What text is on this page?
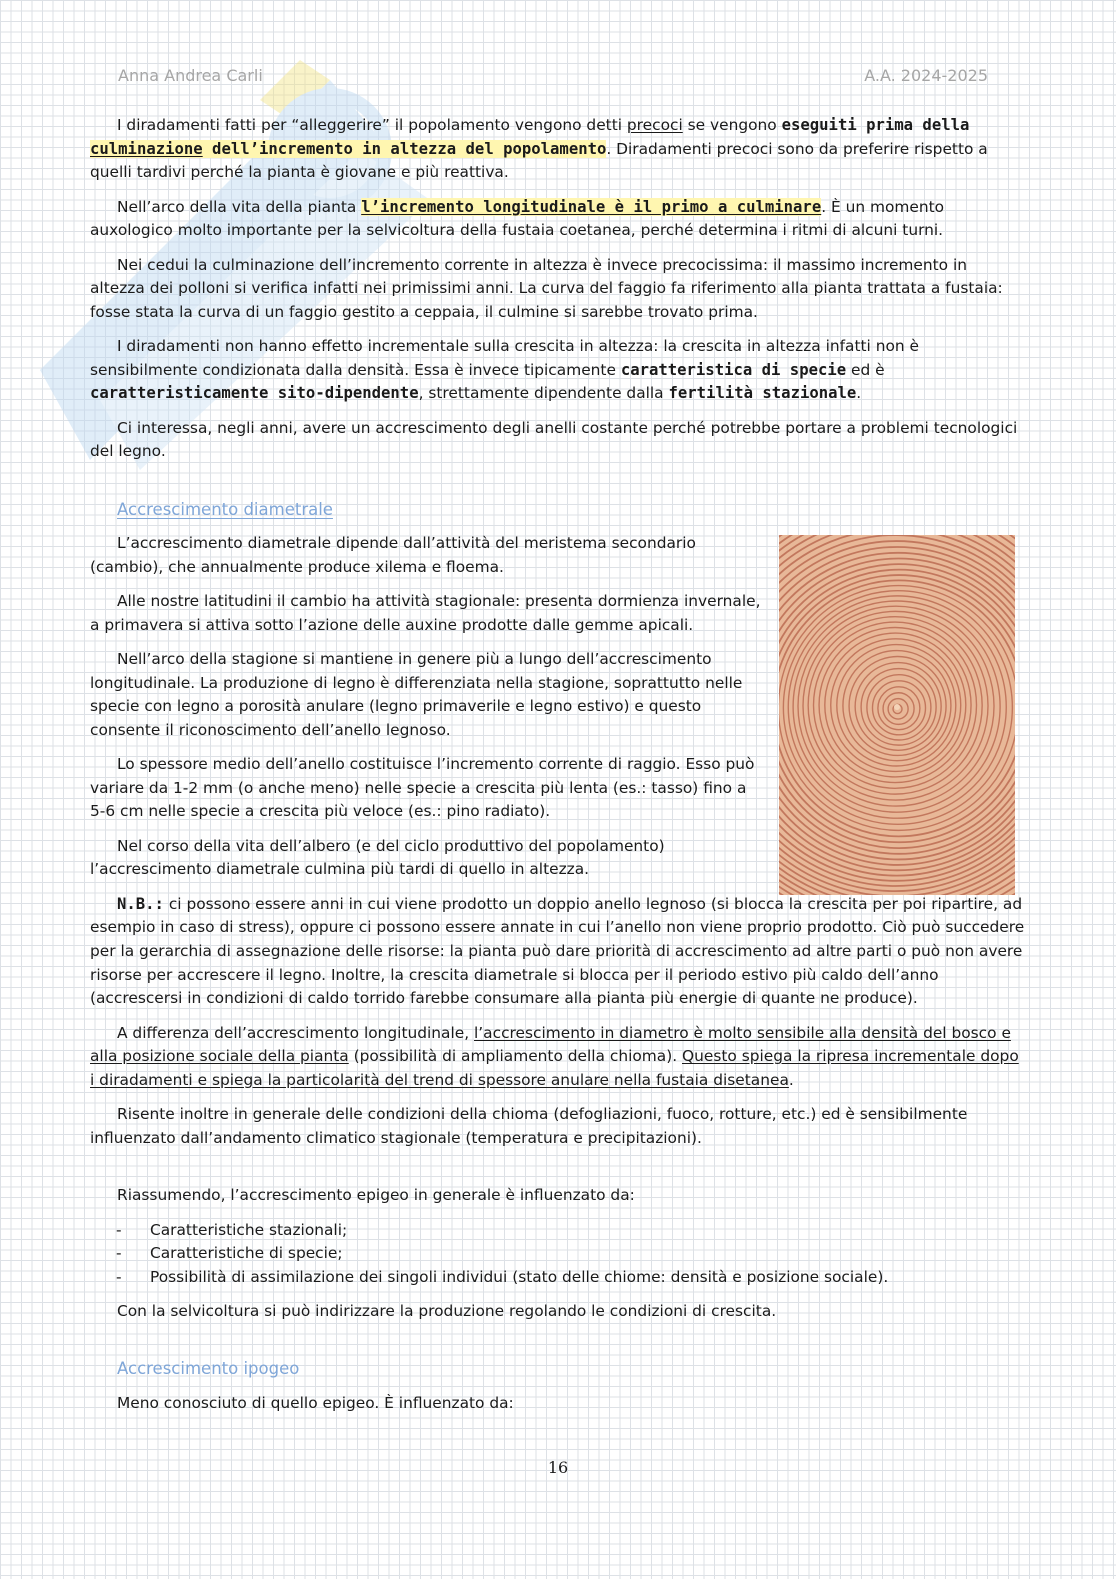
Anna Andrea Carli	A.A. 2024-2025

I diradamenti fatti per “alleggerire” il popolamento vengono detti precoci se vengono eseguiti prima della culminazione dell’incremento in altezza del popolamento. Diradamenti precoci sono da preferire rispetto a quelli tardivi perché la pianta è giovane e più reattiva.

Nell’arco della vita della pianta l’incremento longitudinale è il primo a culminare. È un momento auxologico molto importante per la selvicoltura della fustaia coetanea, perché determina i ritmi di alcuni turni.

Nei cedui la culminazione dell’incremento corrente in altezza è invece precocissima: il massimo incremento in altezza dei polloni si verifica infatti nei primissimi anni. La curva del faggio fa riferimento alla pianta trattata a fustaia: fosse stata la curva di un faggio gestito a ceppaia, il culmine si sarebbe trovato prima.

I diradamenti non hanno effetto incrementale sulla crescita in altezza: la crescita in altezza infatti non è sensibilmente condizionata dalla densità. Essa è invece tipicamente caratteristica di specie ed è caratteristicamente sito-dipendente, strettamente dipendente dalla fertilità stazionale.

Ci interessa, negli anni, avere un accrescimento degli anelli costante perché potrebbe portare a problemi tecnologici del legno.

Accrescimento diametrale

L’accrescimento diametrale dipende dall’attività del meristema secondario (cambio), che annualmente produce xilema e floema.

Alle nostre latitudini il cambio ha attività stagionale: presenta dormienza invernale, a primavera si attiva sotto l’azione delle auxine prodotte dalle gemme apicali.

Nell’arco della stagione si mantiene in genere più a lungo dell’accrescimento longitudinale. La produzione di legno è differenziata nella stagione, soprattutto nelle specie con legno a porosità anulare (legno primaverile e legno estivo) e questo consente il riconoscimento dell’anello legnoso.

Lo spessore medio dell’anello costituisce l’incremento corrente di raggio. Esso può variare da 1-2 mm (o anche meno) nelle specie a crescita più lenta (es.: tasso) fino a 5-6 cm nelle specie a crescita più veloce (es.: pino radiato).

Nel corso della vita dell’albero (e del ciclo produttivo del popolamento) l’accrescimento diametrale culmina più tardi di quello in altezza.

N.B.: ci possono essere anni in cui viene prodotto un doppio anello legnoso (si blocca la crescita per poi ripartire, ad esempio in caso di stress), oppure ci possono essere annate in cui l’anello non viene proprio prodotto. Ciò può succedere per la gerarchia di assegnazione delle risorse: la pianta può dare priorità di accrescimento ad altre parti o può non avere risorse per accrescere il legno. Inoltre, la crescita diametrale si blocca per il periodo estivo più caldo dell’anno (accrescersi in condizioni di caldo torrido farebbe consumare alla pianta più energie di quante ne produce).

A differenza dell’accrescimento longitudinale, l’accrescimento in diametro è molto sensibile alla densità del bosco e alla posizione sociale della pianta (possibilità di ampliamento della chioma). Questo spiega la ripresa incrementale dopo i diradamenti e spiega la particolarità del trend di spessore anulare nella fustaia disetanea.

Risente inoltre in generale delle condizioni della chioma (defogliazioni, fuoco, rotture, etc.) ed è sensibilmente influenzato dall’andamento climatico stagionale (temperatura e precipitazioni).

Riassumendo, l’accrescimento epigeo in generale è influenzato da:

- Caratteristiche stazionali;
- Caratteristiche di specie;
- Possibilità di assimilazione dei singoli individui (stato delle chiome: densità e posizione sociale).

Con la selvicoltura si può indirizzare la produzione regolando le condizioni di crescita.

Accrescimento ipogeo

Meno conosciuto di quello epigeo. È influenzato da:

16
